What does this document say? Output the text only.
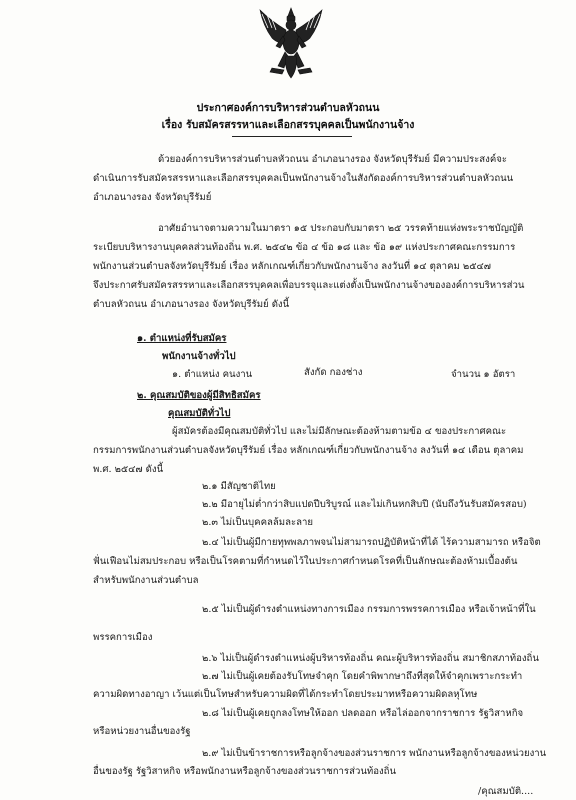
ประกาศองค์การบริหารส่วนตำบลหัวถนน
เรื่อง รับสมัครสรรหาและเลือกสรรบุคคลเป็นพนักงานจ้าง
ด้วยองค์การบริหารส่วนตำบลหัวถนน อำเภอนางรอง จังหวัดบุรีรัมย์ มีความประสงค์จะ
ดำเนินการรับสมัครสรรหาและเลือกสรรบุคคลเป็นพนักงานจ้างในสังกัดองค์การบริหารส่วนตำบลหัวถนน
อำเภอนางรอง จังหวัดบุรีรัมย์
อาศัยอำนาจตามความในมาตรา ๑๕ ประกอบกับมาตรา ๒๕ วรรคท้ายแห่งพระราชบัญญัติ
ระเบียบบริหารงานบุคคลส่วนท้องถิ่น พ.ศ. ๒๕๔๒ ข้อ ๔ ข้อ ๑๘ และ ข้อ ๑๙ แห่งประกาศคณะกรรมการ
พนักงานส่วนตำบลจังหวัดบุรีรัมย์ เรื่อง หลักเกณฑ์เกี่ยวกับพนักงานจ้าง ลงวันที่ ๑๔ ตุลาคม ๒๕๔๗
จึงประกาศรับสมัครสรรหาและเลือกสรรบุคคลเพื่อบรรจุและแต่งตั้งเป็นพนักงานจ้างขององค์การบริหารส่วน
ตำบลหัวถนน อำเภอนางรอง จังหวัดบุรีรัมย์ ดังนี้
๑. ตำแหน่งที่รับสมัคร
พนักงานจ้างทั่วไป
๑. ตำแหน่ง คนงาน	สังกัด กองช่าง	จำนวน ๑ อัตรา
๒. คุณสมบัติของผู้มีสิทธิสมัคร
คุณสมบัติทั่วไป
ผู้สมัครต้องมีคุณสมบัติทั่วไป และไม่มีลักษณะต้องห้ามตามข้อ ๔ ของประกาศคณะ
กรรมการพนักงานส่วนตำบลจังหวัดบุรีรัมย์ เรื่อง หลักเกณฑ์เกี่ยวกับพนักงานจ้าง ลงวันที่ ๑๔ เดือน ตุลาคม
พ.ศ. ๒๕๔๗ ดังนี้
๒.๑ มีสัญชาติไทย
๒.๒ มีอายุไม่ต่ำกว่าสิบแปดปีบริบูรณ์ และไม่เกินหกสิบปี (นับถึงวันรับสมัครสอบ)
๒.๓ ไม่เป็นบุคคลล้มละลาย
๒.๔ ไม่เป็นผู้มีกายทุพพลภาพจนไม่สามารถปฏิบัติหน้าที่ได้ ไร้ความสามารถ หรือจิต
ฟั่นเฟือนไม่สมประกอบ หรือเป็นโรคตามที่กำหนดไว้ในประกาศกำหนดโรคที่เป็นลักษณะต้องห้ามเบื้องต้น
สำหรับพนักงานส่วนตำบล
๒.๕ ไม่เป็นผู้ดำรงตำแหน่งทางการเมือง กรรมการพรรคการเมือง หรือเจ้าหน้าที่ใน
พรรคการเมือง
๒.๖ ไม่เป็นผู้ดำรงตำแหน่งผู้บริหารท้องถิ่น คณะผู้บริหารท้องถิ่น สมาชิกสภาท้องถิ่น
๒.๗ ไม่เป็นผู้เคยต้องรับโทษจำคุก โดยคำพิพากษาถึงที่สุดให้จำคุกเพราะกระทำ
ความผิดทางอาญา เว้นแต่เป็นโทษสำหรับความผิดที่ได้กระทำโดยประมาทหรือความผิดลหุโทษ
๒.๘ ไม่เป็นผู้เคยถูกลงโทษให้ออก ปลดออก หรือไล่ออกจากราชการ รัฐวิสาหกิจ
หรือหน่วยงานอื่นของรัฐ
๒.๙ ไม่เป็นข้าราชการหรือลูกจ้างของส่วนราชการ พนักงานหรือลูกจ้างของหน่วยงาน
อื่นของรัฐ รัฐวิสาหกิจ หรือพนักงานหรือลูกจ้างของส่วนราชการส่วนท้องถิ่น
/คุณสมบัติ....
